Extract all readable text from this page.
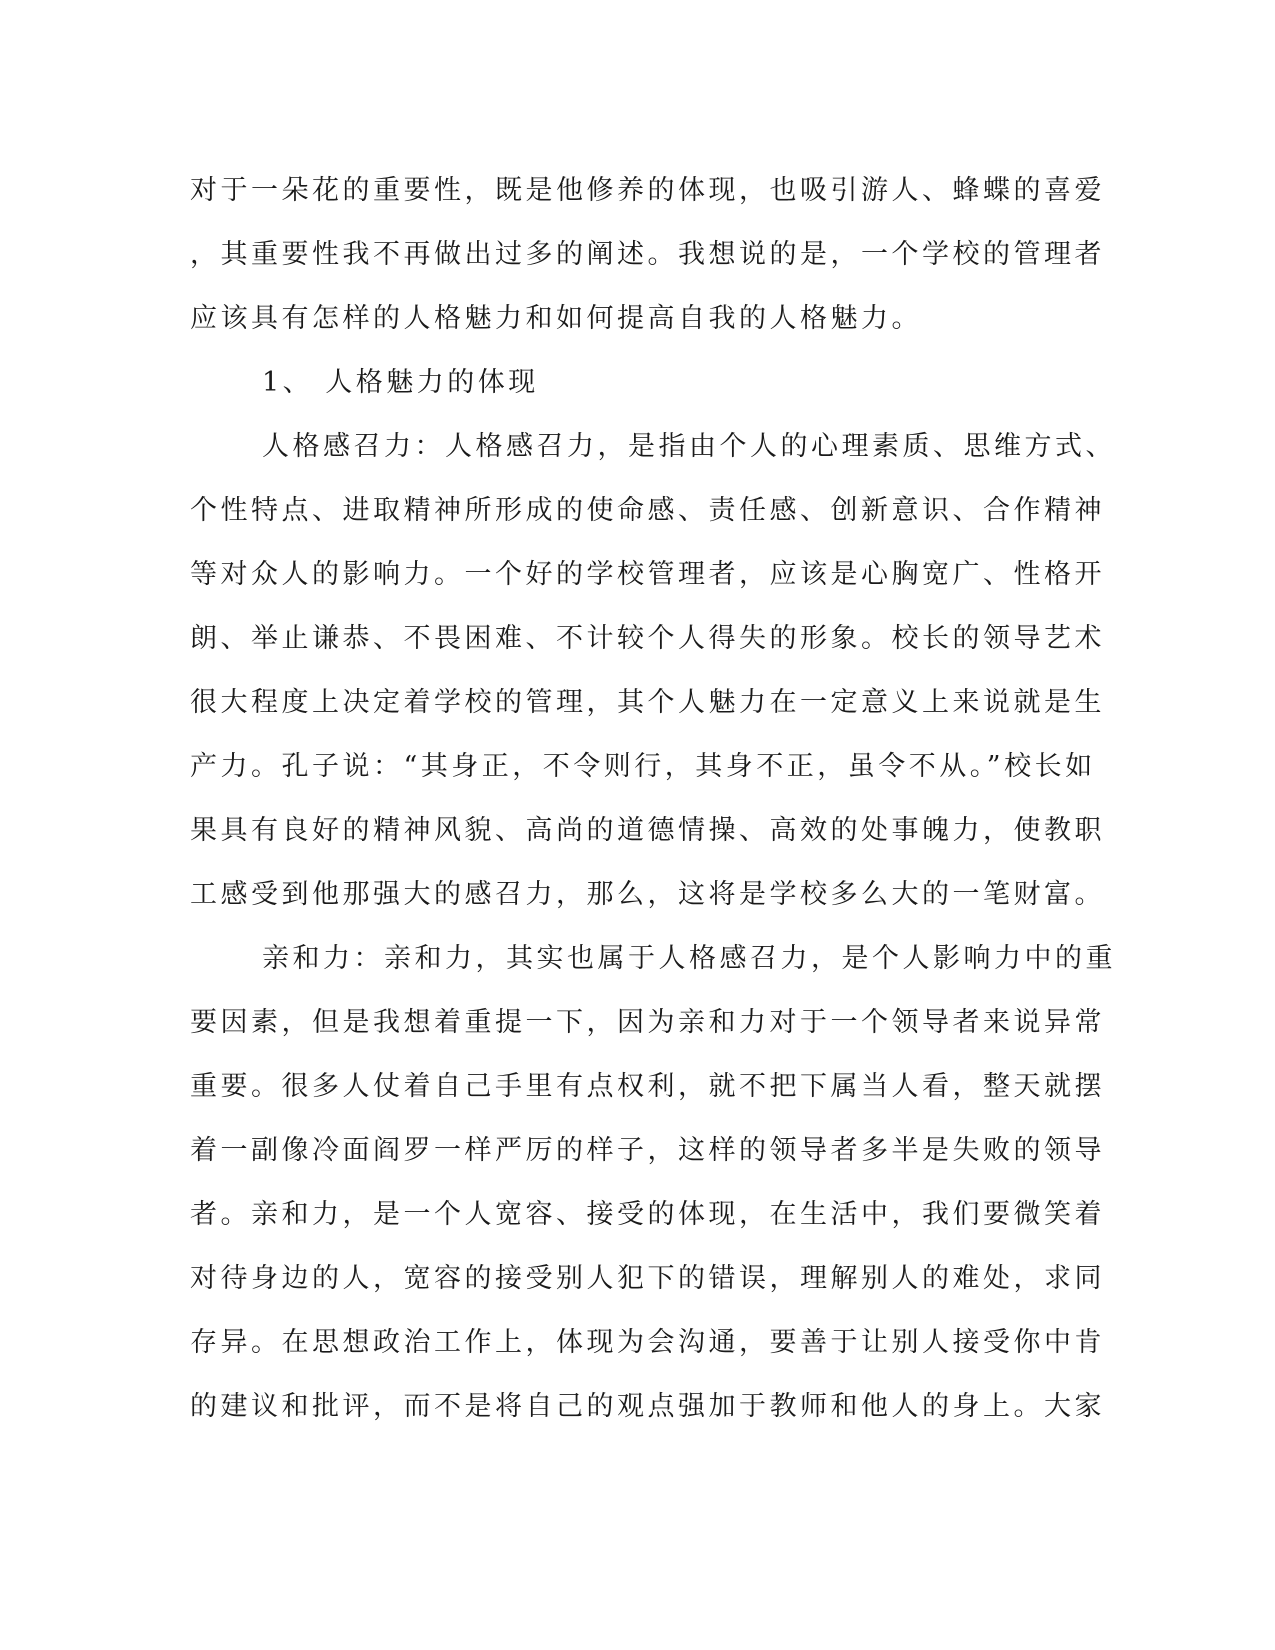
对于一朵花的重要性，既是他修养的体现，也吸引游人、蜂蝶的喜爱
，其重要性我不再做出过多的阐述。我想说的是，一个学校的管理者
应该具有怎样的人格魅力和如何提高自我的人格魅力。
1、 人格魅力的体现
人格感召力：人格感召力，是指由个人的心理素质、思维方式、
个性特点、进取精神所形成的使命感、责任感、创新意识、合作精神
等对众人的影响力。一个好的学校管理者，应该是心胸宽广、性格开
朗、举止谦恭、不畏困难、不计较个人得失的形象。校长的领导艺术
很大程度上决定着学校的管理，其个人魅力在一定意义上来说就是生
产力。孔子说：“其身正，不令则行，其身不正，虽令不从。”校长如
果具有良好的精神风貌、高尚的道德情操、高效的处事魄力，使教职
工感受到他那强大的感召力，那么，这将是学校多么大的一笔财富。
亲和力：亲和力，其实也属于人格感召力，是个人影响力中的重
要因素，但是我想着重提一下，因为亲和力对于一个领导者来说异常
重要。很多人仗着自己手里有点权利，就不把下属当人看，整天就摆
着一副像冷面阎罗一样严厉的样子，这样的领导者多半是失败的领导
者。亲和力，是一个人宽容、接受的体现，在生活中，我们要微笑着
对待身边的人，宽容的接受别人犯下的错误，理解别人的难处，求同
存异。在思想政治工作上，体现为会沟通，要善于让别人接受你中肯
的建议和批评，而不是将自己的观点强加于教师和他人的身上。大家
